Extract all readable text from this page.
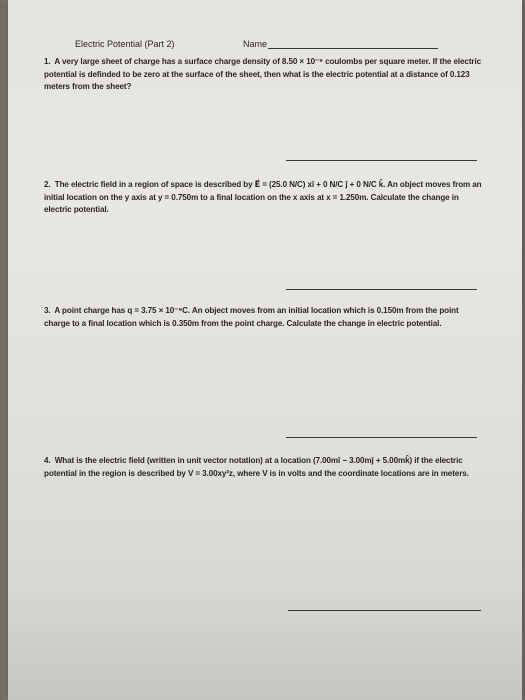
Electric Potential (Part 2)	Name
1. A very large sheet of charge has a surface charge density of 8.50 × 10⁻⁹ coulombs per square meter. If the electric potential is definded to be zero at the surface of the sheet, then what is the electric potential at a distance of 0.123 meters from the sheet?
2. The electric field in a region of space is described by E⃗ = (25.0 N/C) xî + 0 N/C ĵ + 0 N/C k̂. An object moves from an initial location on the y axis at y = 0.750m to a final location on the x axis at x = 1.250m. Calculate the change in electric potential.
3. A point charge has q = 3.75 × 10⁻⁹C. An object moves from an initial location which is 0.150m from the point charge to a final location which is 0.350m from the point charge. Calculate the change in electric potential.
4. What is the electric field (written in unit vector notation) at a location (7.00mî − 3.00mĵ + 5.00mk̂) if the electric potential in the region is described by V = 3.00xy²z, where V is in volts and the coordinate locations are in meters.
